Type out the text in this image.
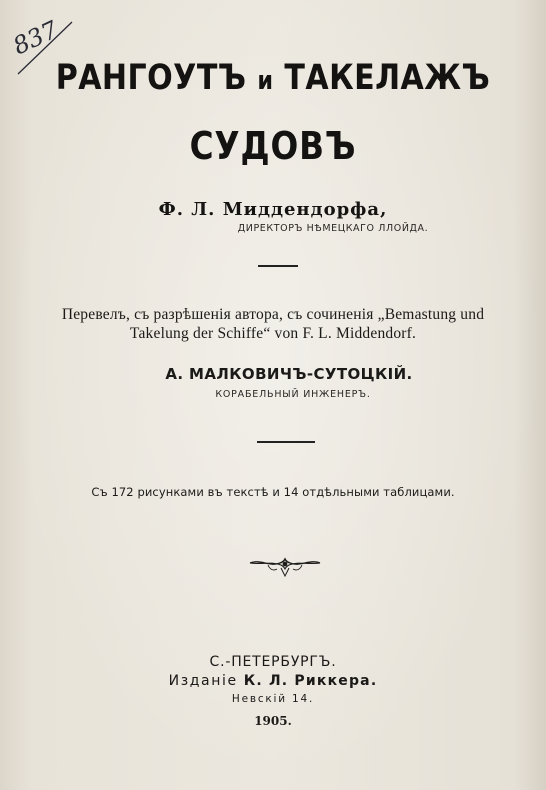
837
РАНГОУТЪ и ТАКЕЛАЖЪ
СУДОВЪ
Ф. Л. Миддендорфа,
ДИРЕКТОРЪ НѢМЕЦКАГО ЛЛОЙДА.
Перевелъ, съ разрѣшенія автора, съ сочиненія „Bemastung und
Takelung der Schiffe“ von F. L. Middendorf.
А. МАЛКОВИЧЪ-СУТОЦКІЙ.
КОРАБЕЛЬНЫЙ ИНЖЕНЕРЪ.
Съ 172 рисунками въ текстѣ и 14 отдѣльными таблицами.
С.-ПЕТЕРБУРГЪ.
Изданіе К. Л. Риккера.
Невскій 14.
1905.
